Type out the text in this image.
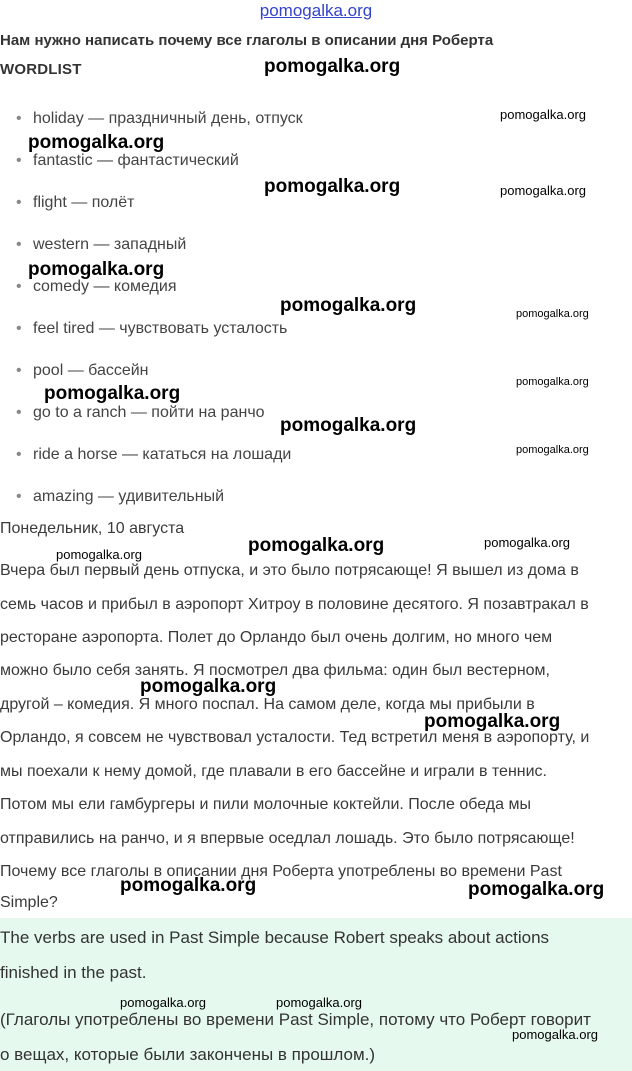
pomogalka.org
Нам нужно написать почему все глаголы в описании дня Роберта
WORDLIST
• holiday — праздничный день, отпуск
• fantastic — фантастический
• flight — полёт
• western — западный
• comedy — комедия
• feel tired — чувствовать усталость
• pool — бассейн
• go to a ranch — пойти на ранчо
• ride a horse — кататься на лошади
• amazing — удивительный
Понедельник, 10 августа
Вчера был первый день отпуска, и это было потрясающе! Я вышел из дома в
семь часов и прибыл в аэропорт Хитроу в половине десятого. Я позавтракал в
ресторане аэропорта. Полет до Орландо был очень долгим, но много чем
можно было себя занять. Я посмотрел два фильма: один был вестерном,
другой – комедия. Я много поспал. На самом деле, когда мы прибыли в
Орландо, я совсем не чувствовал усталости. Тед встретил меня в аэропорту, и
мы поехали к нему домой, где плавали в его бассейне и играли в теннис.
Потом мы ели гамбургеры и пили молочные коктейли. После обеда мы
отправились на ранчо, и я впервые оседлал лошадь. Это было потрясающе!
Почему все глаголы в описании дня Роберта употреблены во времени Past
Simple?
The verbs are used in Past Simple because Robert speaks about actions
finished in the past.
(Глаголы употреблены во времени Past Simple, потому что Роберт говорит
о вещах, которые были закончены в прошлом.)
pomogalka.org
pomogalka.org
pomogalka.org
pomogalka.org	pomogalka.org
pomogalka.org
pomogalka.org	pomogalka.org
pomogalka.org
pomogalka.org
pomogalka.org
pomogalka.org
pomogalka.org
pomogalka.org
pomogalka.org
pomogalka.org
pomogalka.org
pomogalka.org	pomogalka.org
pomogalka.org	pomogalka.org
pomogalka.org
